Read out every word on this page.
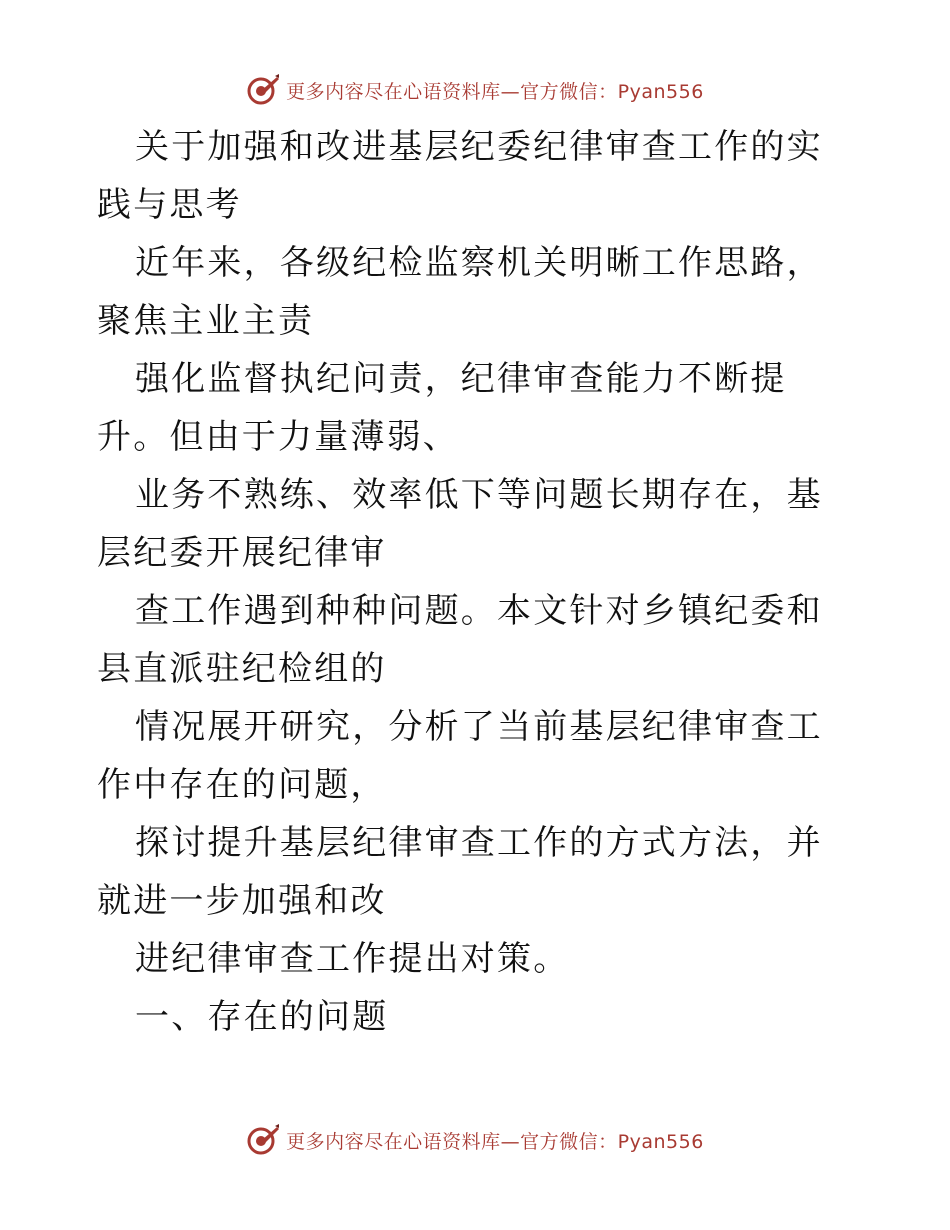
更多内容尽在心语资料库—官方微信：Pyan556

关于加强和改进基层纪委纪律审查工作的实践与思考

近年来，各级纪检监察机关明晰工作思路，聚焦主业主责

强化监督执纪问责，纪律审查能力不断提升。但由于力量薄弱、

业务不熟练、效率低下等问题长期存在，基层纪委开展纪律审

查工作遇到种种问题。本文针对乡镇纪委和县直派驻纪检组的

情况展开研究，分析了当前基层纪律审查工作中存在的问题，

探讨提升基层纪律审查工作的方式方法，并就进一步加强和改

进纪律审查工作提出对策。

一、存在的问题

更多内容尽在心语资料库—官方微信：Pyan556
